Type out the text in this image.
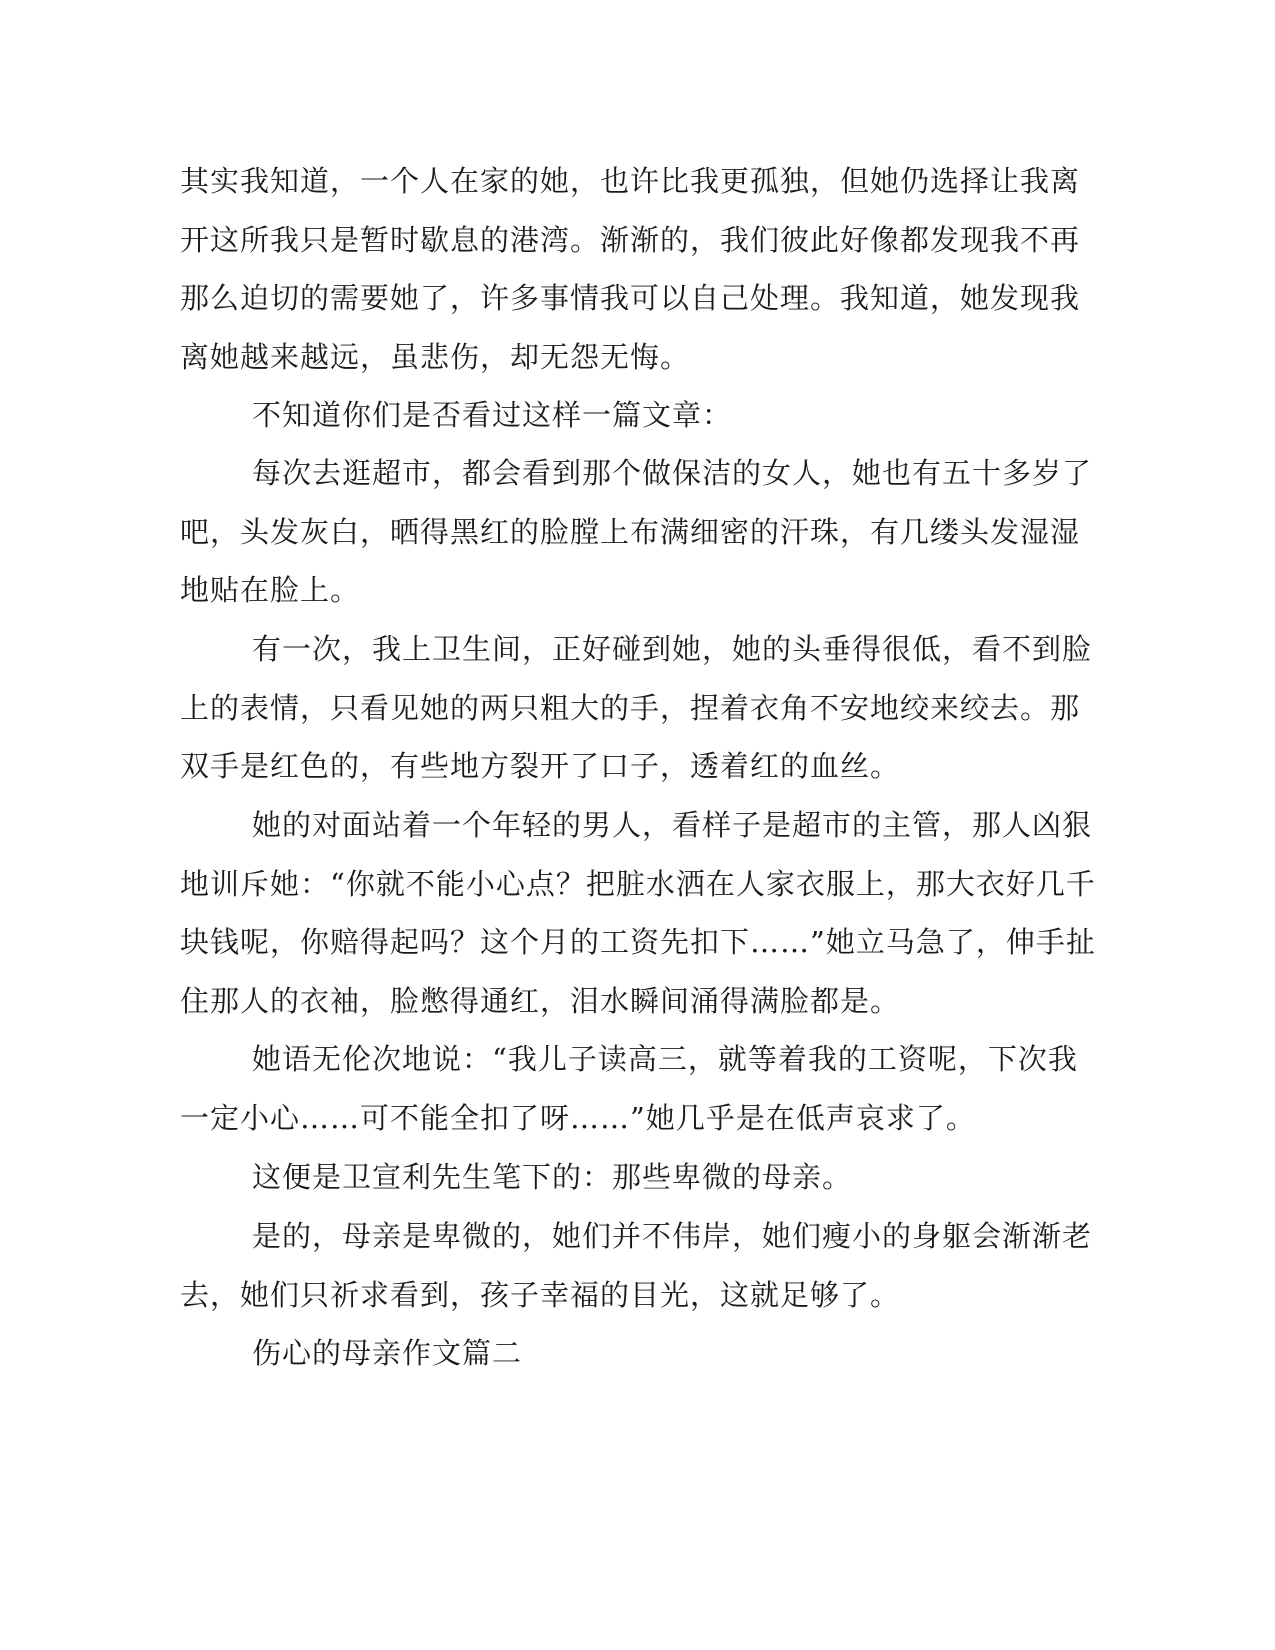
其实我知道，一个人在家的她，也许比我更孤独，但她仍选择让我离
开这所我只是暂时歇息的港湾。渐渐的，我们彼此好像都发现我不再
那么迫切的需要她了，许多事情我可以自己处理。我知道，她发现我
离她越来越远，虽悲伤，却无怨无悔。
不知道你们是否看过这样一篇文章：
每次去逛超市，都会看到那个做保洁的女人，她也有五十多岁了
吧，头发灰白，晒得黑红的脸膛上布满细密的汗珠，有几缕头发湿湿
地贴在脸上。
有一次，我上卫生间，正好碰到她，她的头垂得很低，看不到脸
上的表情，只看见她的两只粗大的手，捏着衣角不安地绞来绞去。那
双手是红色的，有些地方裂开了口子，透着红的血丝。
她的对面站着一个年轻的男人，看样子是超市的主管，那人凶狠
地训斥她：“你就不能小心点？把脏水洒在人家衣服上，那大衣好几千
块钱呢，你赔得起吗？这个月的工资先扣下……”她立马急了，伸手扯
住那人的衣袖，脸憋得通红，泪水瞬间涌得满脸都是。
她语无伦次地说：“我儿子读高三，就等着我的工资呢，下次我
一定小心……可不能全扣了呀……”她几乎是在低声哀求了。
这便是卫宣利先生笔下的：那些卑微的母亲。
是的，母亲是卑微的，她们并不伟岸，她们瘦小的身躯会渐渐老
去，她们只祈求看到，孩子幸福的目光，这就足够了。
伤心的母亲作文篇二
